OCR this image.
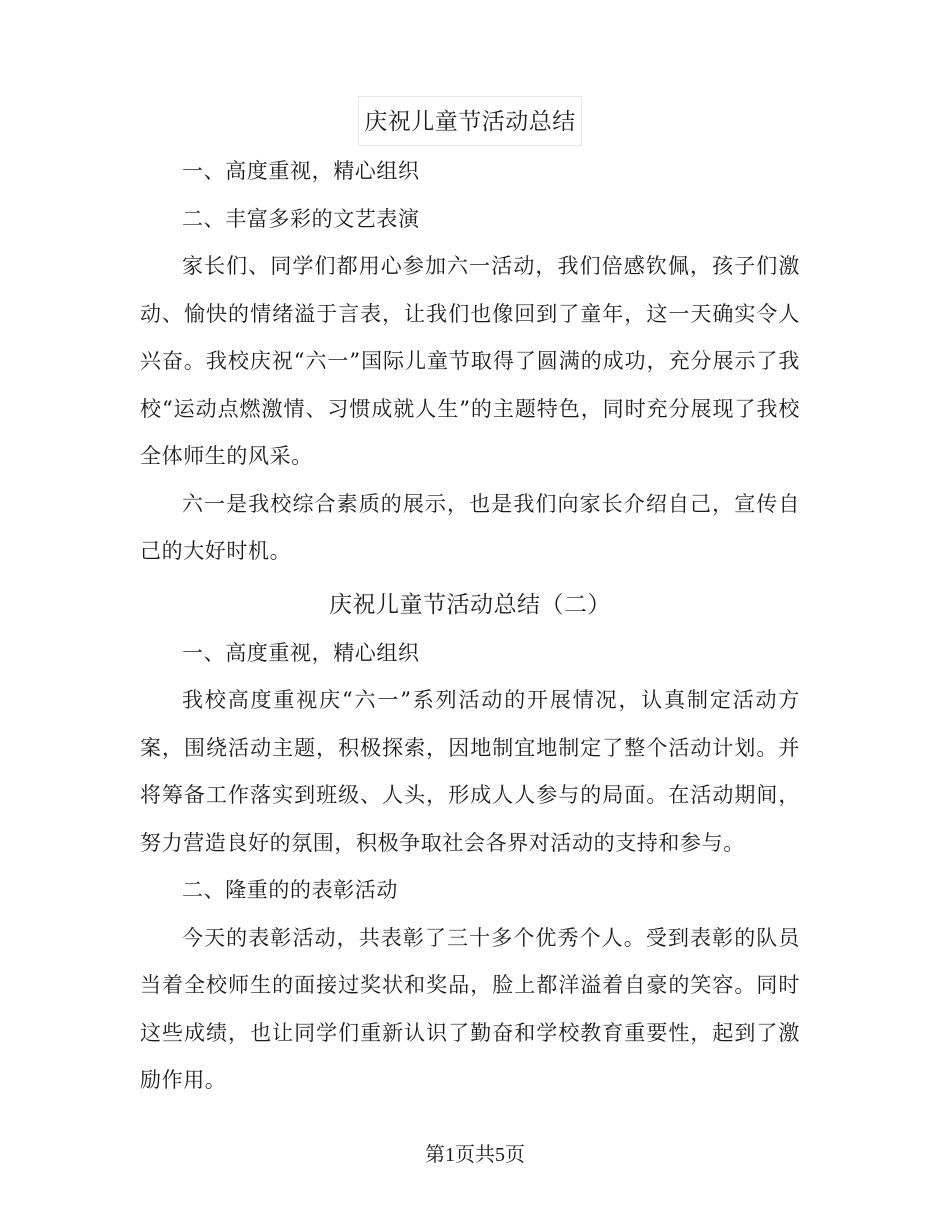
庆祝儿童节活动总结

一、高度重视，精心组织

二、丰富多彩的文艺表演

家长们、同学们都用心参加六一活动，我们倍感钦佩，孩子们激动、愉快的情绪溢于言表，让我们也像回到了童年，这一天确实令人兴奋。我校庆祝“六一”国际儿童节取得了圆满的成功，充分展示了我校“运动点燃激情、习惯成就人生”的主题特色，同时充分展现了我校全体师生的风采。

六一是我校综合素质的展示，也是我们向家长介绍自己，宣传自己的大好时机。

庆祝儿童节活动总结（二）

一、高度重视，精心组织

我校高度重视庆“六一”系列活动的开展情况，认真制定活动方案，围绕活动主题，积极探索，因地制宜地制定了整个活动计划。并将筹备工作落实到班级、人头，形成人人参与的局面。在活动期间，努力营造良好的氛围，积极争取社会各界对活动的支持和参与。

二、隆重的的表彰活动

今天的表彰活动，共表彰了三十多个优秀个人。受到表彰的队员当着全校师生的面接过奖状和奖品，脸上都洋溢着自豪的笑容。同时这些成绩，也让同学们重新认识了勤奋和学校教育重要性，起到了激励作用。

第1页共5页
